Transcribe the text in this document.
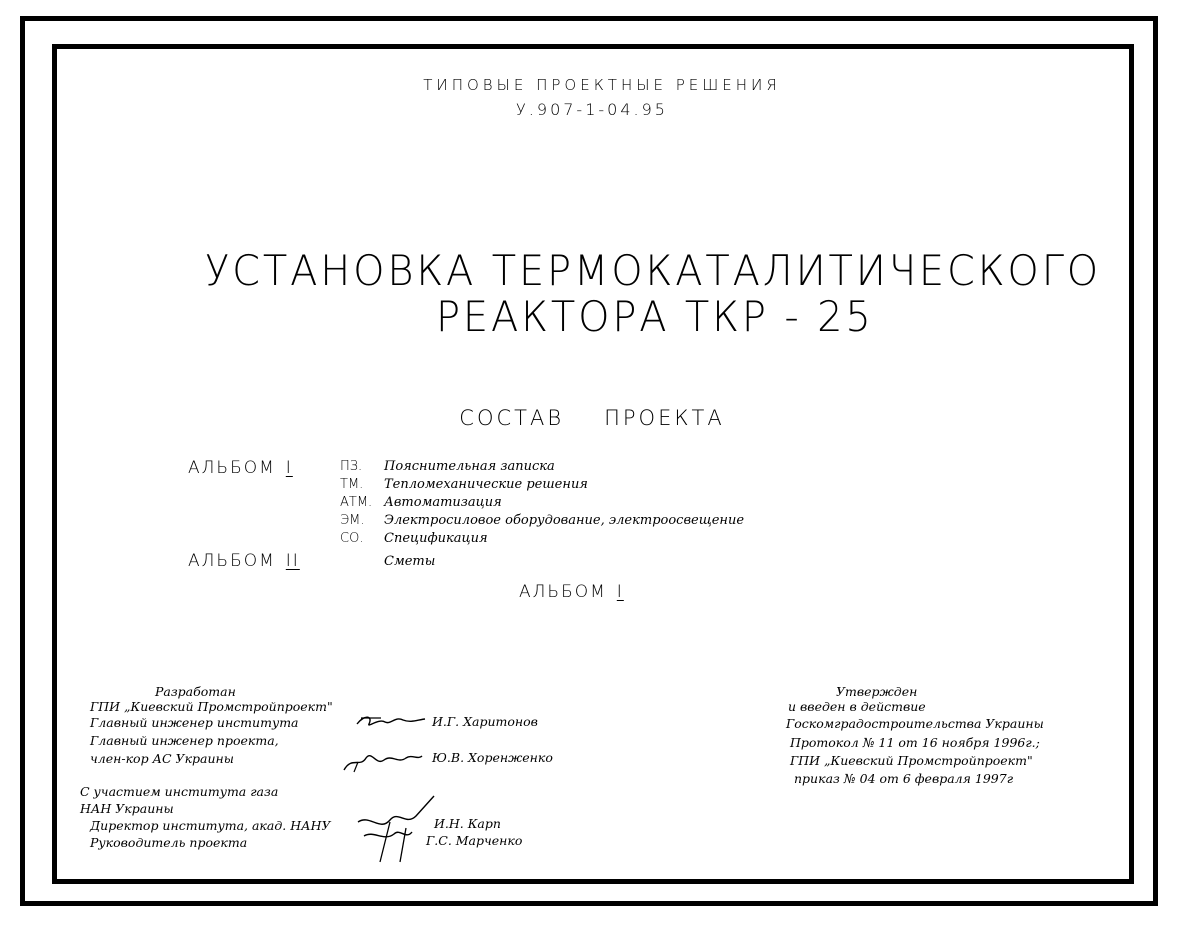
ТИПОВЫЕ ПРОЕКТНЫЕ РЕШЕНИЯ
У.907-1-04.95
УСТАНОВКА ТЕРМОКАТАЛИТИЧЕСКОГО
РЕАКТОРА ТКР - 25
СОСТАВ ПРОЕКТА
АЛЬБОМ I	ПЗ. Пояснительная записка
ТМ. Тепломеханические решения
АТМ. Автоматизация
ЭМ. Электросиловое оборудование, электроосвещение
СО. Спецификация
АЛЬБОМ II	Сметы
АЛЬБОМ I
Разработан
ГПИ „Киевский Промстройпроект"
Главный инженер института	И.Г. Харитонов
Главный инженер проекта,
член-кор АС Украины	Ю.В. Хоренженко
С участием института газа
НАН Украины
Директор института, акад. НАНУ	И.Н. Карп
Руководитель проекта	Г.С. Марченко
Утвержден
и введен в действие
Госкомградостроительства Украины
Протокол № 11 от 16 ноября 1996г.;
ГПИ „Киевский Промстройпроект"
приказ № 04 от 6 февраля 1997г
